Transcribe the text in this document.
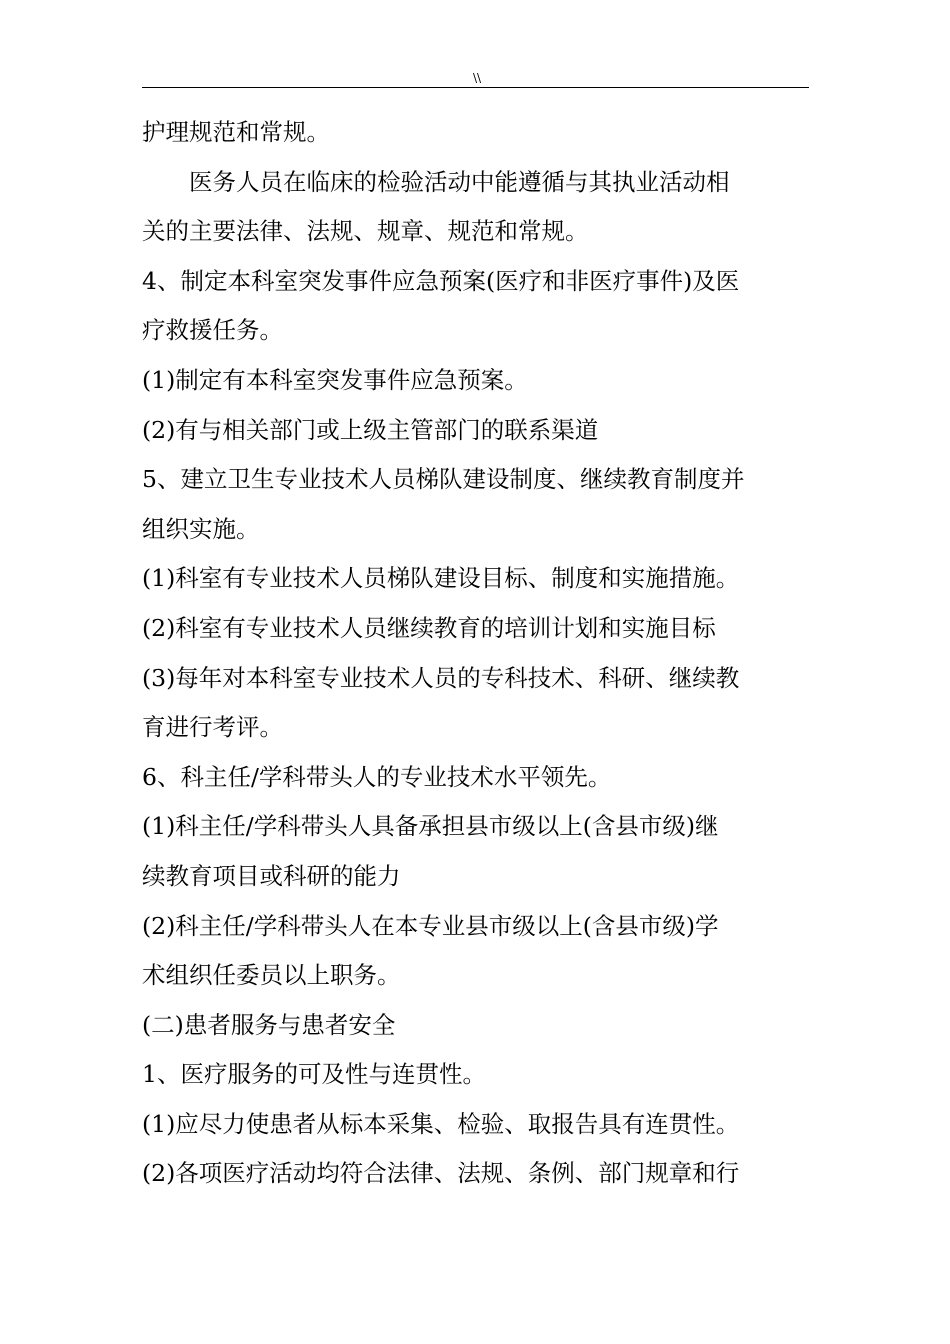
\\
护理规范和常规。
医务人员在临床的检验活动中能遵循与其执业活动相
关的主要法律、法规、规章、规范和常规。
4、制定本科室突发事件应急预案(医疗和非医疗事件)及医
疗救援任务。
(1)制定有本科室突发事件应急预案。
(2)有与相关部门或上级主管部门的联系渠道
5、建立卫生专业技术人员梯队建设制度、继续教育制度并
组织实施。
(1)科室有专业技术人员梯队建设目标、制度和实施措施。
(2)科室有专业技术人员继续教育的培训计划和实施目标
(3)每年对本科室专业技术人员的专科技术、科研、继续教
育进行考评。
6、科主任/学科带头人的专业技术水平领先。
(1)科主任/学科带头人具备承担县市级以上(含县市级)继
续教育项目或科研的能力
(2)科主任/学科带头人在本专业县市级以上(含县市级)学
术组织任委员以上职务。
(二)患者服务与患者安全
1、医疗服务的可及性与连贯性。
(1)应尽力使患者从标本采集、检验、取报告具有连贯性。
(2)各项医疗活动均符合法律、法规、条例、部门规章和行
